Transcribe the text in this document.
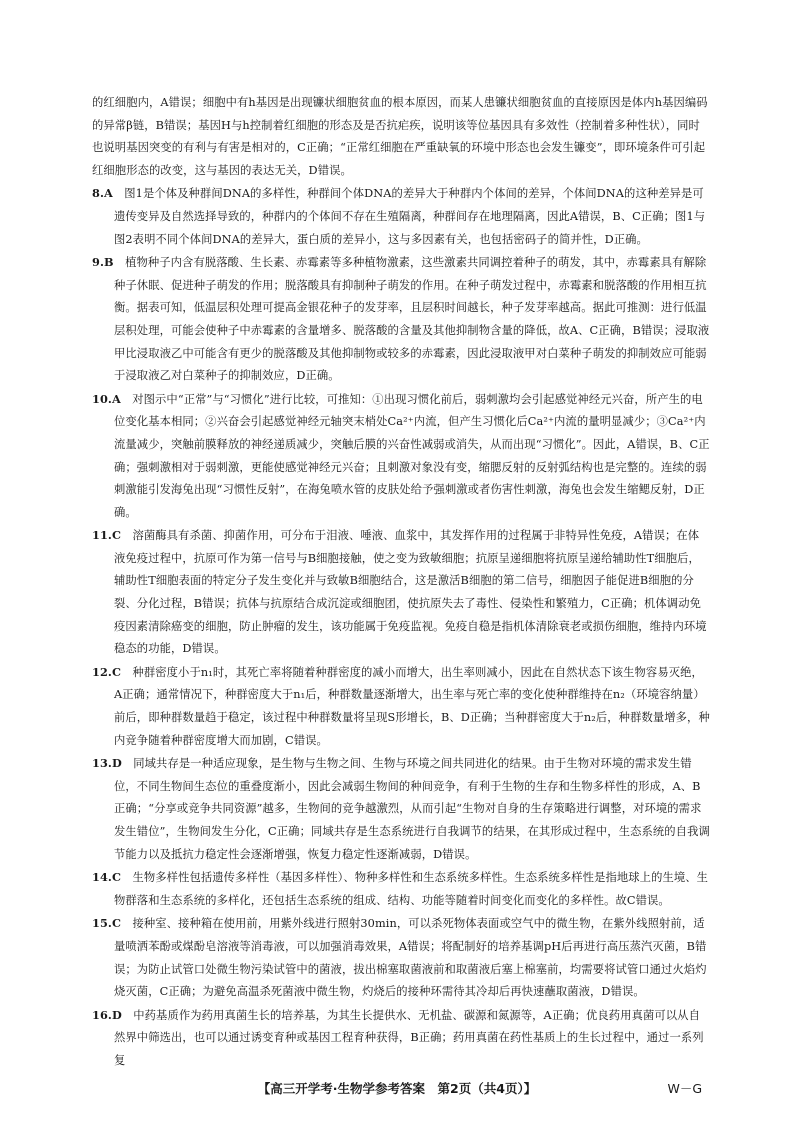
的红细胞内，A错误；细胞中有h基因是出现镰状细胞贫血的根本原因，而某人患镰状细胞贫血的直接原因是体内h基因编码的异常β链，B错误；基因H与h控制着红细胞的形态及是否抗疟疾，说明该等位基因具有多效性（控制着多种性状），同时也说明基因突变的有利与有害是相对的，C正确；“正常红细胞在严重缺氧的环境中形态也会发生镰变”，即环境条件可引起红细胞形态的改变，这与基因的表达无关，D错误。

8.A　 图1是个体及种群间DNA的多样性，种群间个体DNA的差异大于种群内个体间的差异，个体间DNA的这种差异是可遗传变异及自然选择导致的，种群内的个体间不存在生殖隔离，种群间存在地理隔离，因此A错误，B、C正确；图1与图2表明不同个体间DNA的差异大，蛋白质的差异小，这与多因素有关，也包括密码子的简并性，D正确。

9.B　 植物种子内含有脱落酸、生长素、赤霉素等多种植物激素，这些激素共同调控着种子的萌发，其中，赤霉素具有解除种子休眠、促进种子萌发的作用；脱落酸具有抑制种子萌发的作用。在种子萌发过程中，赤霉素和脱落酸的作用相互抗衡。据表可知，低温层积处理可提高金银花种子的发芽率，且层积时间越长，种子发芽率越高。据此可推测：进行低温层积处理，可能会使种子中赤霉素的含量增多、脱落酸的含量及其他抑制物含量的降低，故A、C正确，B错误；浸取液甲比浸取液乙中可能含有更少的脱落酸及其他抑制物或较多的赤霉素，因此浸取液甲对白菜种子萌发的抑制效应可能弱于浸取液乙对白菜种子的抑制效应，D正确。

10.A　 对图示中“正常”与“习惯化”进行比较，可推知：①出现习惯化前后，弱刺激均会引起感觉神经元兴奋，所产生的电位变化基本相同；②兴奋会引起感觉神经元轴突末梢处Ca²⁺内流，但产生习惯化后Ca²⁺内流的量明显减少；③Ca²⁺内流量减少，突触前膜释放的神经递质减少，突触后膜的兴奋性减弱或消失，从而出现“习惯化”。因此，A错误，B、C正确；强刺激相对于弱刺激，更能使感觉神经元兴奋；且刺激对象没有变，缩腮反射的反射弧结构也是完整的。连续的弱刺激能引发海兔出现“习惯性反射”，在海兔喷水管的皮肤处给予强刺激或者伤害性刺激，海兔也会发生缩鳃反射，D正确。

11.C　 溶菌酶具有杀菌、抑菌作用，可分布于泪液、唾液、血浆中，其发挥作用的过程属于非特异性免疫，A错误；在体液免疫过程中，抗原可作为第一信号与B细胞接触，使之变为致敏细胞；抗原呈递细胞将抗原呈递给辅助性T细胞后，辅助性T细胞表面的特定分子发生变化并与致敏B细胞结合，这是激活B细胞的第二信号，细胞因子能促进B细胞的分裂、分化过程，B错误；抗体与抗原结合成沉淀或细胞团，使抗原失去了毒性、侵染性和繁殖力，C正确；机体调动免疫因素清除癌变的细胞，防止肿瘤的发生，该功能属于免疫监视。免疫自稳是指机体清除衰老或损伤细胞，维持内环境稳态的功能，D错误。

12.C　 种群密度小于n₁时，其死亡率将随着种群密度的减小而增大，出生率则减小，因此在自然状态下该生物容易灭绝，A正确；通常情况下，种群密度大于n₁后，种群数量逐渐增大，出生率与死亡率的变化使种群维持在n₂（环境容纳量）前后，即种群数量趋于稳定，该过程中种群数量将呈现S形增长，B、D正确；当种群密度大于n₂后，种群数量增多，种内竞争随着种群密度增大而加剧，C错误。

13.D　 同域共存是一种适应现象，是生物与生物之间、生物与环境之间共同进化的结果。由于生物对环境的需求发生错位，不同生物间生态位的重叠度渐小，因此会减弱生物间的种间竞争，有利于生物的生存和生物多样性的形成，A、B正确；“分享或竞争共同资源”越多，生物间的竞争越激烈，从而引起“生物对自身的生存策略进行调整，对环境的需求发生错位”，生物间发生分化，C正确；同域共存是生态系统进行自我调节的结果，在其形成过程中，生态系统的自我调节能力以及抵抗力稳定性会逐渐增强，恢复力稳定性逐渐减弱，D错误。

14.C　 生物多样性包括遗传多样性（基因多样性）、物种多样性和生态系统多样性。生态系统多样性是指地球上的生境、生物群落和生态系统的多样化，还包括生态系统的组成、结构、功能等随着时间变化而变化的多样性。故C错误。

15.C　 接种室、接种箱在使用前，用紫外线进行照射30min，可以杀死物体表面或空气中的微生物，在紫外线照射前，适量喷洒苯酚或煤酚皂溶液等消毒液，可以加强消毒效果，A错误；将配制好的培养基调pH后再进行高压蒸汽灭菌，B错误；为防止试管口处微生物污染试管中的菌液，拔出棉塞取菌液前和取菌液后塞上棉塞前，均需要将试管口通过火焰灼烧灭菌，C正确；为避免高温杀死菌液中微生物，灼烧后的接种环需待其冷却后再快速蘸取菌液，D错误。

16.D　 中药基质作为药用真菌生长的培养基，为其生长提供水、无机盐、碳源和氮源等，A正确；优良药用真菌可以从自然界中筛选出，也可以通过诱变育种或基因工程育种获得，B正确；药用真菌在药性基质上的生长过程中，通过一系列复

【高三开学考·生物学参考答案　第2页（共4页）】	W－G
